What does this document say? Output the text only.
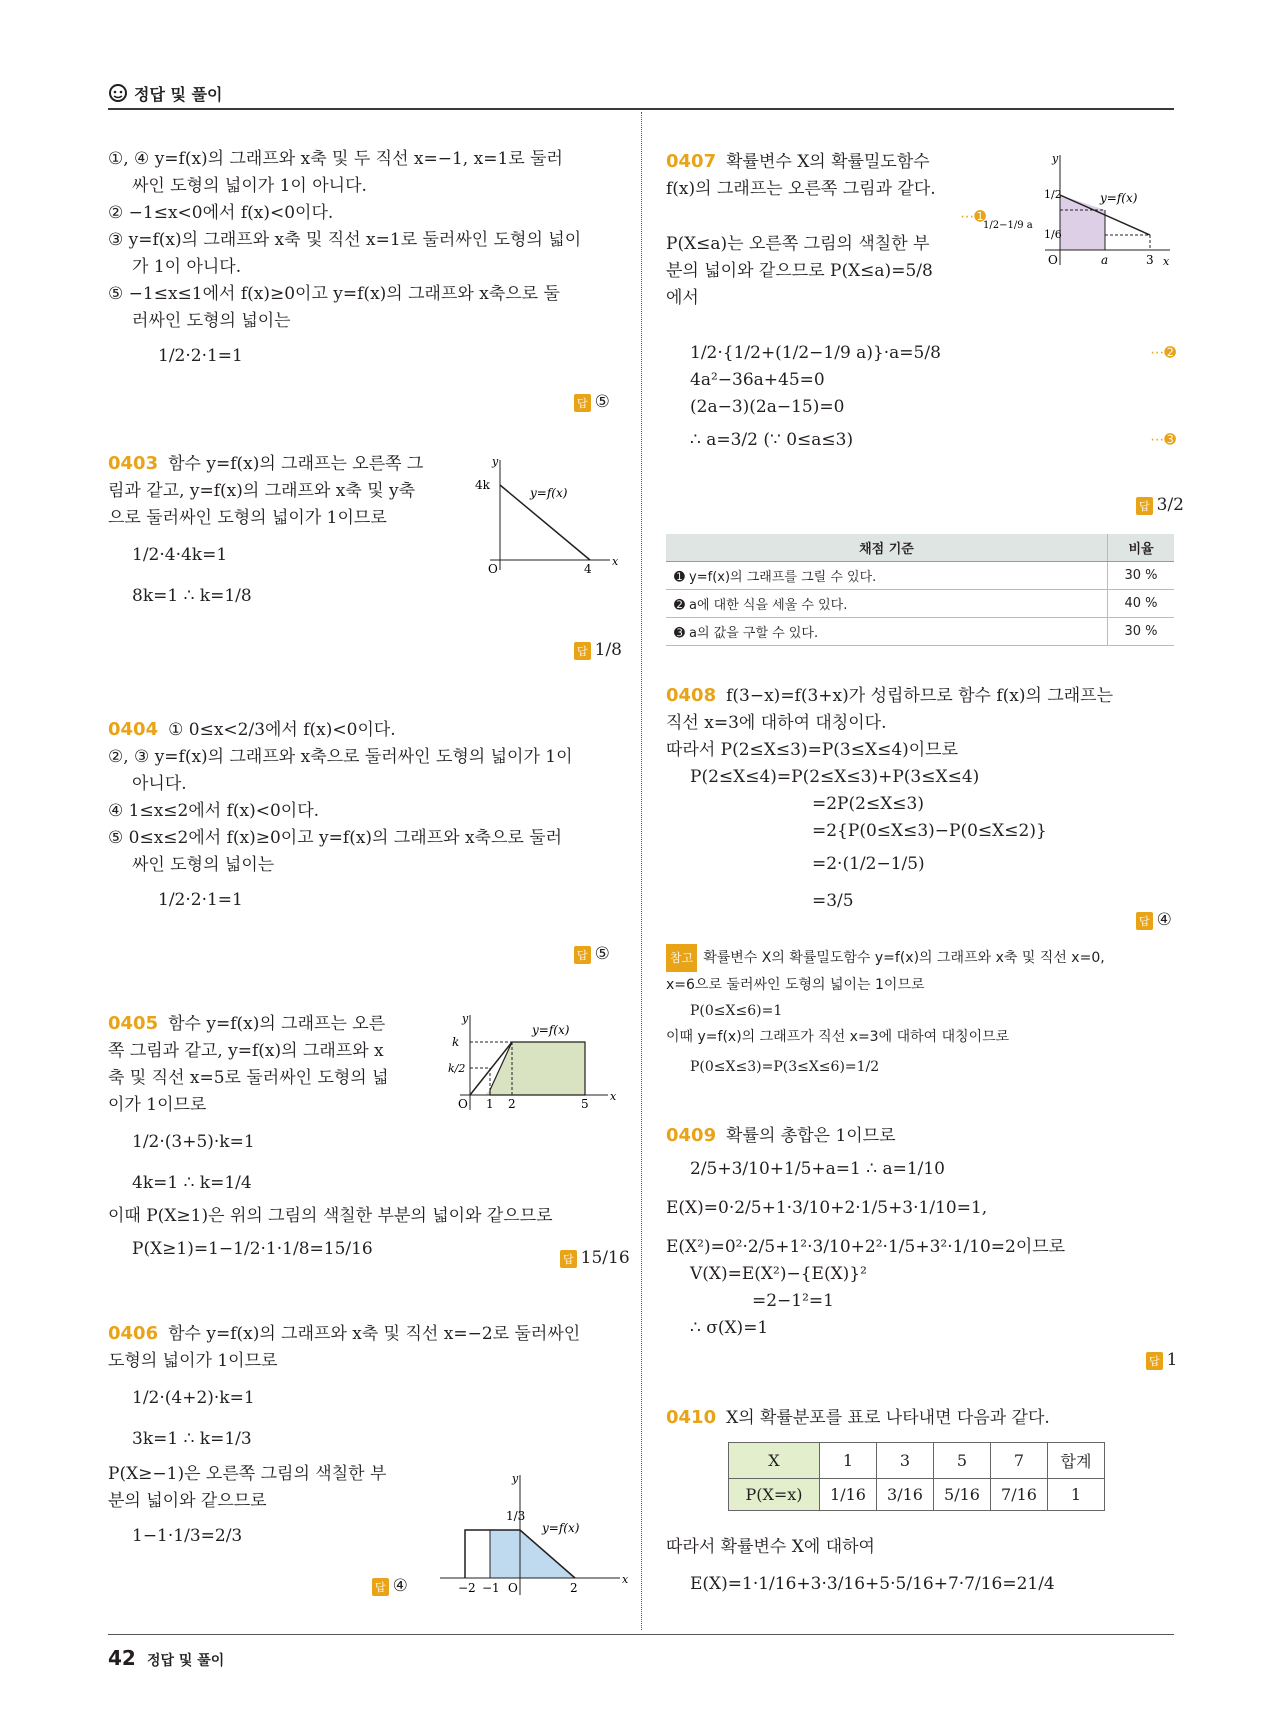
정답 및 풀이
①, ④ y=f(x)의 그래프와 x축 및 두 직선 x=−1, x=1로 둘러
싸인 도형의 넓이가 1이 아니다.
② −1≤x<0에서 f(x)<0이다.
③ y=f(x)의 그래프와 x축 및 직선 x=1로 둘러싸인 도형의 넓이
가 1이 아니다.
⑤ −1≤x≤1에서 f(x)≥0이고 y=f(x)의 그래프와 x축으로 둘
러싸인 도형의 넓이는
1/2·2·1=1
답 ⑤
0403 함수 y=f(x)의 그래프는 오른쪽 그
림과 같고, y=f(x)의 그래프와 x축 및 y축
으로 둘러싸인 도형의 넓이가 1이므로
1/2·4·4k=1
8k=1 ∴ k=1/8
y
x
4k
4
O
y=f(x)
답 1/8
0404 ① 0≤x<2/3에서 f(x)<0이다.
②, ③ y=f(x)의 그래프와 x축으로 둘러싸인 도형의 넓이가 1이
아니다.
④ 1≤x≤2에서 f(x)<0이다.
⑤ 0≤x≤2에서 f(x)≥0이고 y=f(x)의 그래프와 x축으로 둘러
싸인 도형의 넓이는
1/2·2·1=1
답 ⑤
0405 함수 y=f(x)의 그래프는 오른
쪽 그림과 같고, y=f(x)의 그래프와 x
축 및 직선 x=5로 둘러싸인 도형의 넓
이가 1이므로
1/2·(3+5)·k=1
4k=1 ∴ k=1/4
이때 P(X≥1)은 위의 그림의 색칠한 부분의 넓이와 같으므로
P(X≥1)=1−1/2·1·1/8=15/16
y
x
k
k/2
1 2	5
O
y=f(x)
답 15/16
0406 함수 y=f(x)의 그래프와 x축 및 직선 x=−2로 둘러싸인
도형의 넓이가 1이므로
1/2·(4+2)·k=1
3k=1 ∴ k=1/3
P(X≥−1)은 오른쪽 그림의 색칠한 부
분의 넓이와 같으므로
1−1·1/3=2/3
y
x
1/3
−2 −1	2
O
y=f(x)
답 ④
0407 확률변수 X의 확률밀도함수
f(x)의 그래프는 오른쪽 그림과 같다.
⋯➊
P(X≤a)는 오른쪽 그림의 색칠한 부
분의 넓이와 같으므로 P(X≤a)=5/8
에서
y
x
1/2
1/6
1/2−1/9 a
a	3
O
y=f(x)
1/2·{1/2+(1/2−1/9 a)}·a=5/8	⋯➋
4a²−36a+45=0
(2a−3)(2a−15)=0
∴ a=3/2 (∵ 0≤a≤3)	⋯➌
답 3/2
채점 기준	비율
➊ y=f(x)의 그래프를 그릴 수 있다.	30 %
➋ a에 대한 식을 세울 수 있다.	40 %
➌ a의 값을 구할 수 있다.	30 %
0408 f(3−x)=f(3+x)가 성립하므로 함수 f(x)의 그래프는
직선 x=3에 대하여 대칭이다.
따라서 P(2≤X≤3)=P(3≤X≤4)이므로
P(2≤X≤4)=P(2≤X≤3)+P(3≤X≤4)
=2P(2≤X≤3)
=2{P(0≤X≤3)−P(0≤X≤2)}
=2·(1/2−1/5)
=3/5
답 ④
참고 확률변수 X의 확률밀도함수 y=f(x)의 그래프와 x축 및 직선 x=0,
x=6으로 둘러싸인 도형의 넓이는 1이므로
P(0≤X≤6)=1
이때 y=f(x)의 그래프가 직선 x=3에 대하여 대칭이므로
P(0≤X≤3)=P(3≤X≤6)=1/2
0409 확률의 총합은 1이므로
2/5+3/10+1/5+a=1 ∴ a=1/10
E(X)=0·2/5+1·3/10+2·1/5+3·1/10=1,
E(X²)=0²·2/5+1²·3/10+2²·1/5+3²·1/10=2이므로
V(X)=E(X²)−{E(X)}²
=2−1²=1
∴ σ(X)=1
답 1
0410 X의 확률분포를 표로 나타내면 다음과 같다.
X	1	3	5	7	합계
P(X=x)	1/16	3/16	5/16	7/16	1
따라서 확률변수 X에 대하여
E(X)=1·1/16+3·3/16+5·5/16+7·7/16=21/4
42 정답 및 풀이
